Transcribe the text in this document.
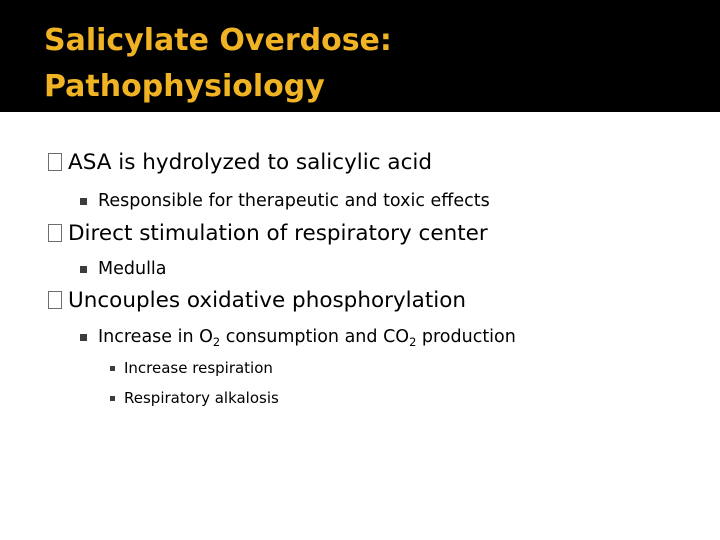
Salicylate Overdose:
Pathophysiology
ASA is hydrolyzed to salicylic acid
Responsible for therapeutic and toxic effects
Direct stimulation of respiratory center
Medulla
Uncouples oxidative phosphorylation
Increase in $O_2$ consumption and $CO_2$ production
Increase respiration
Respiratory alkalosis
